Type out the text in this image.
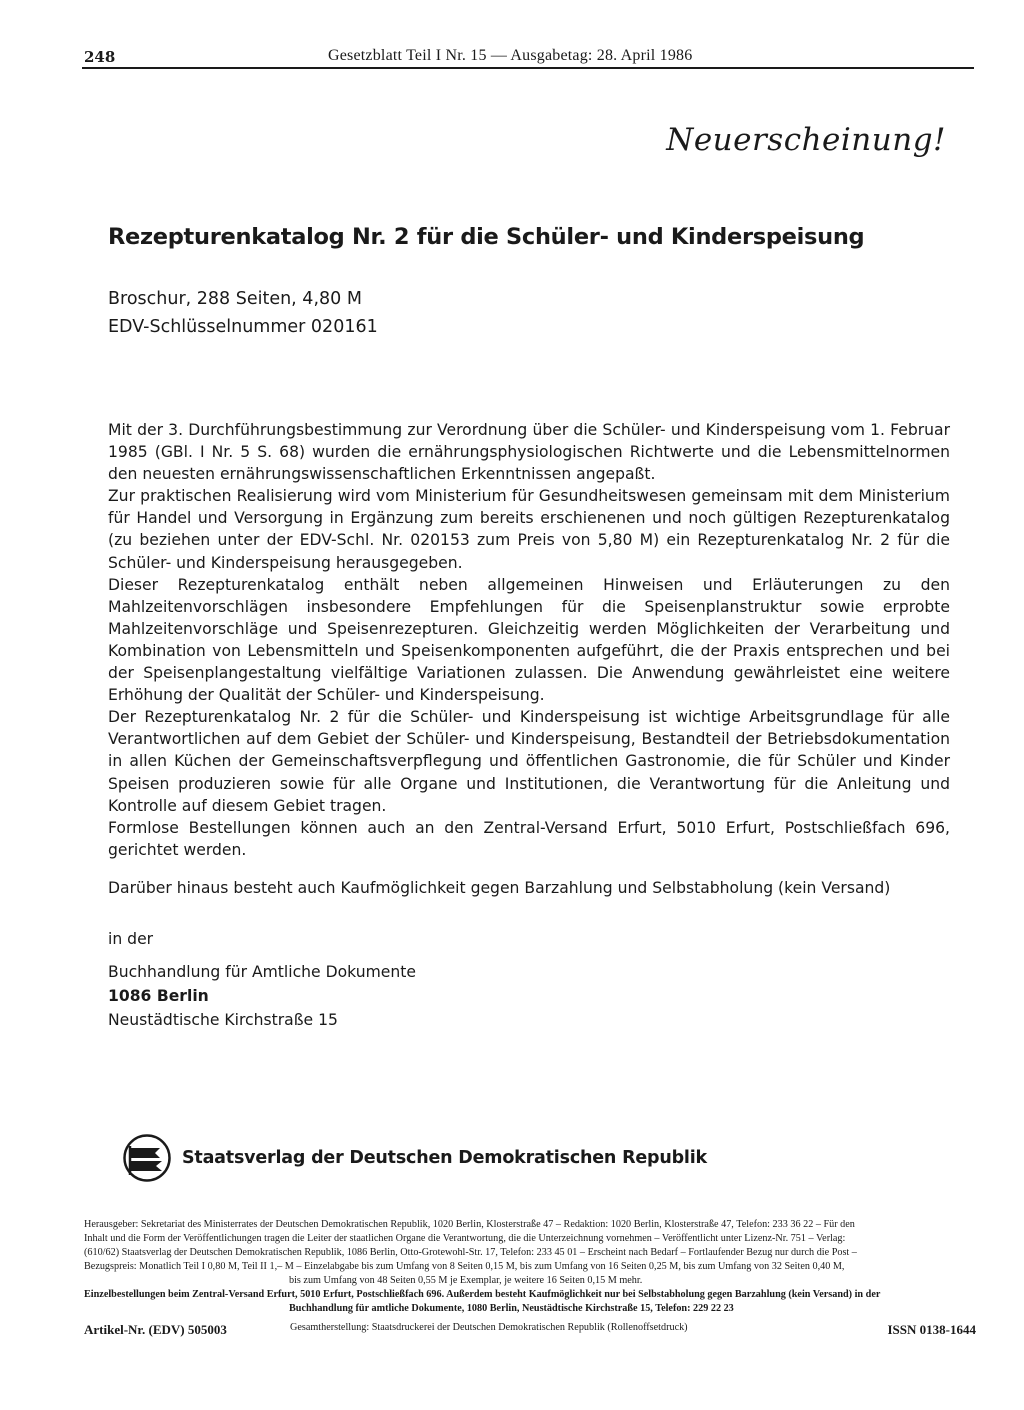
248	Gesetzblatt Teil I Nr. 15 — Ausgabetag: 28. April 1986
Neuerscheinung!
Rezepturenkatalog Nr. 2 für die Schüler- und Kinderspeisung
Broschur, 288 Seiten, 4,80 M
EDV-Schlüsselnummer 020161

Mit der 3. Durchführungsbestimmung zur Verordnung über die Schüler- und Kinderspeisung vom 1. Februar 1985 (GBl. I Nr. 5 S. 68) wurden die ernährungsphysiologischen Richtwerte und die Lebensmittelnormen den neuesten ernährungswissenschaftlichen Erkenntnissen angepaßt.

Zur praktischen Realisierung wird vom Ministerium für Gesundheitswesen gemeinsam mit dem Ministerium für Handel und Versorgung in Ergänzung zum bereits erschienenen und noch gültigen Rezepturenkatalog (zu beziehen unter der EDV-Schl. Nr. 020153 zum Preis von 5,80 M) ein Rezepturenkatalog Nr. 2 für die Schüler- und Kinderspeisung herausgegeben.

Dieser Rezepturenkatalog enthält neben allgemeinen Hinweisen und Erläuterungen zu den Mahlzeitenvorschlägen insbesondere Empfehlungen für die Speisenplanstruktur sowie erprobte Mahlzeitenvorschläge und Speisenrezepturen. Gleichzeitig werden Möglichkeiten der Verarbeitung und Kombination von Lebensmitteln und Speisenkomponenten aufgeführt, die der Praxis entsprechen und bei der Speisenplangestaltung vielfältige Variationen zulassen. Die Anwendung gewährleistet eine weitere Erhöhung der Qualität der Schüler- und Kinderspeisung.

Der Rezepturenkatalog Nr. 2 für die Schüler- und Kinderspeisung ist wichtige Arbeitsgrundlage für alle Verantwortlichen auf dem Gebiet der Schüler- und Kinderspeisung, Bestandteil der Betriebsdokumentation in allen Küchen der Gemeinschaftsverpflegung und öffentlichen Gastronomie, die für Schüler und Kinder Speisen produzieren sowie für alle Organe und Institutionen, die Verantwortung für die Anleitung und Kontrolle auf diesem Gebiet tragen.

Formlose Bestellungen können auch an den Zentral-Versand Erfurt, 5010 Erfurt, Postschließfach 696, gerichtet werden.

Darüber hinaus besteht auch Kaufmöglichkeit gegen Barzahlung und Selbstabholung (kein Versand)
in der
Buchhandlung für Amtliche Dokumente
1086 Berlin
Neustädtische Kirchstraße 15
Staatsverlag der Deutschen Demokratischen Republik
Herausgeber: Sekretariat des Ministerrates der Deutschen Demokratischen Republik, 1020 Berlin, Klosterstraße 47 – Redaktion: 1020 Berlin, Klosterstraße 47, Telefon: 233 36 22 – Für den
Inhalt und die Form der Veröffentlichungen tragen die Leiter der staatlichen Organe die Verantwortung, die die Unterzeichnung vornehmen – Veröffentlicht unter Lizenz-Nr. 751 – Verlag:
(610/62) Staatsverlag der Deutschen Demokratischen Republik, 1086 Berlin, Otto-Grotewohl-Str. 17, Telefon: 233 45 01 – Erscheint nach Bedarf – Fortlaufender Bezug nur durch die Post –
Bezugspreis: Monatlich Teil I 0,80 M, Teil II 1,– M – Einzelabgabe bis zum Umfang von 8 Seiten 0,15 M, bis zum Umfang von 16 Seiten 0,25 M, bis zum Umfang von 32 Seiten 0,40 M,
bis zum Umfang von 48 Seiten 0,55 M je Exemplar, je weitere 16 Seiten 0,15 M mehr.
Einzelbestellungen beim Zentral-Versand Erfurt, 5010 Erfurt, Postschließfach 696. Außerdem besteht Kaufmöglichkeit nur bei Selbstabholung gegen Barzahlung (kein Versand) in der
Buchhandlung für amtliche Dokumente, 1080 Berlin, Neustädtische Kirchstraße 15, Telefon: 229 22 23
Artikel-Nr. (EDV) 505003	Gesamtherstellung: Staatsdruckerei der Deutschen Demokratischen Republik (Rollenoffsetdruck)	ISSN 0138-1644
